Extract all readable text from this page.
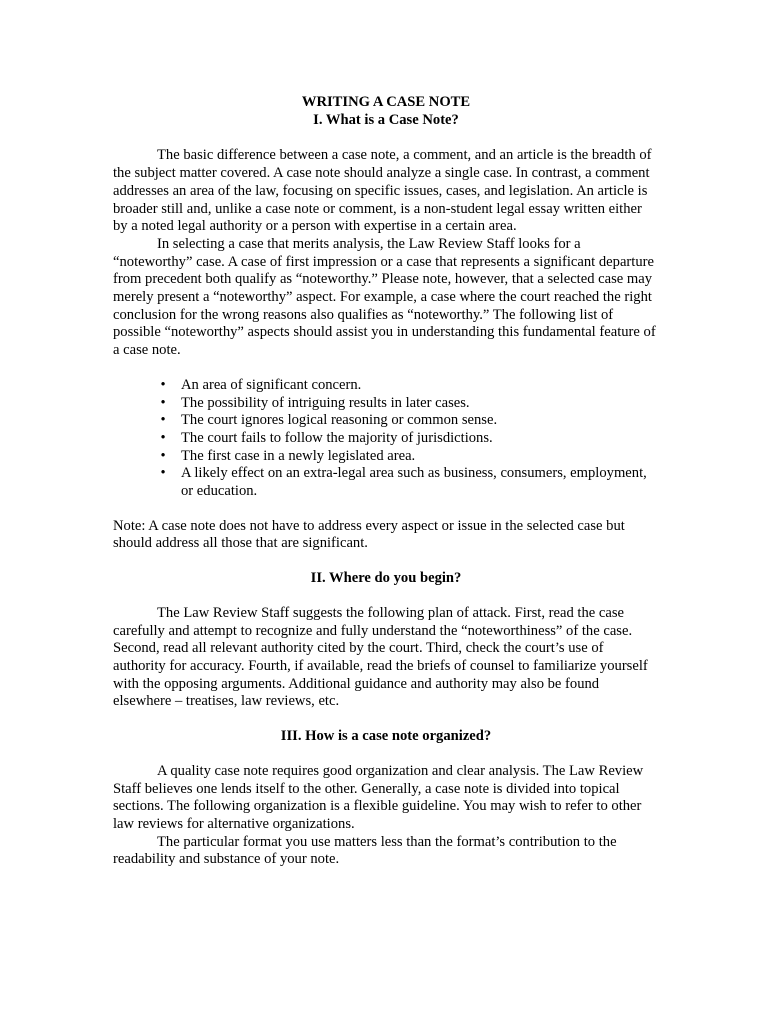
WRITING A CASE NOTE
I. What is a Case Note?

The basic difference between a case note, a comment, and an article is the breadth of the subject matter covered. A case note should analyze a single case. In contrast, a comment addresses an area of the law, focusing on specific issues, cases, and legislation. An article is broader still and, unlike a case note or comment, is a non-student legal essay written either by a noted legal authority or a person with expertise in a certain area.

In selecting a case that merits analysis, the Law Review Staff looks for a “noteworthy” case. A case of first impression or a case that represents a significant departure from precedent both qualify as “noteworthy.” Please note, however, that a selected case may merely present a “noteworthy” aspect. For example, a case where the court reached the right conclusion for the wrong reasons also qualifies as “noteworthy.” The following list of possible “noteworthy” aspects should assist you in understanding this fundamental feature of a case note.

• An area of significant concern.
• The possibility of intriguing results in later cases.
• The court ignores logical reasoning or common sense.
• The court fails to follow the majority of jurisdictions.
• The first case in a newly legislated area.
• A likely effect on an extra-legal area such as business, consumers, employment, or education.

Note: A case note does not have to address every aspect or issue in the selected case but should address all those that are significant.

II. Where do you begin?

The Law Review Staff suggests the following plan of attack. First, read the case carefully and attempt to recognize and fully understand the “noteworthiness” of the case. Second, read all relevant authority cited by the court. Third, check the court’s use of authority for accuracy. Fourth, if available, read the briefs of counsel to familiarize yourself with the opposing arguments. Additional guidance and authority may also be found elsewhere – treatises, law reviews, etc.

III. How is a case note organized?

A quality case note requires good organization and clear analysis. The Law Review Staff believes one lends itself to the other. Generally, a case note is divided into topical sections. The following organization is a flexible guideline. You may wish to refer to other law reviews for alternative organizations.

The particular format you use matters less than the format’s contribution to the readability and substance of your note.
